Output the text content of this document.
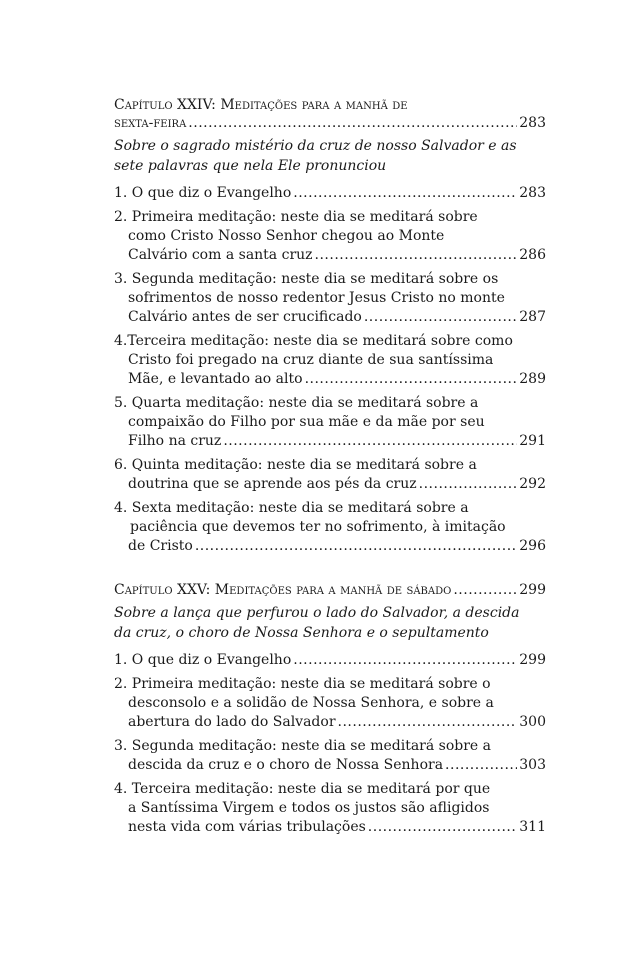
Capítulo XXIV: Meditações para a manhã de
sexta-feira .....	283
Sobre o sagrado mistério da cruz de nosso Salvador e as
sete palavras que nela Ele pronunciou
1. O que diz o Evangelho .....	283
2. Primeira meditação: neste dia se meditará sobre
como Cristo Nosso Senhor chegou ao Monte
Calvário com a santa cruz .....	286
3. Segunda meditação: neste dia se meditará sobre os
sofrimentos de nosso redentor Jesus Cristo no monte
Calvário antes de ser crucificado .....	287
4.Terceira meditação: neste dia se meditará sobre como
Cristo foi pregado na cruz diante de sua santíssima
Mãe, e levantado ao alto .....	289
5. Quarta meditação: neste dia se meditará sobre a
compaixão do Filho por sua mãe e da mãe por seu
Filho na cruz .....	291
6. Quinta meditação: neste dia se meditará sobre a
doutrina que se aprende aos pés da cruz .....	292
4. Sexta meditação: neste dia se meditará sobre a
paciência que devemos ter no sofrimento, à imitação
de Cristo .....	296
Capítulo XXV: Meditações para a manhã de sábado .....	299
Sobre a lança que perfurou o lado do Salvador, a descida
da cruz, o choro de Nossa Senhora e o sepultamento
1. O que diz o Evangelho .....	299
2. Primeira meditação: neste dia se meditará sobre o
desconsolo e a solidão de Nossa Senhora, e sobre a
abertura do lado do Salvador .....	300
3. Segunda meditação: neste dia se meditará sobre a
descida da cruz e o choro de Nossa Senhora .....	303
4. Terceira meditação: neste dia se meditará por que
a Santíssima Virgem e todos os justos são afligidos
nesta vida com várias tribulações .....	311
